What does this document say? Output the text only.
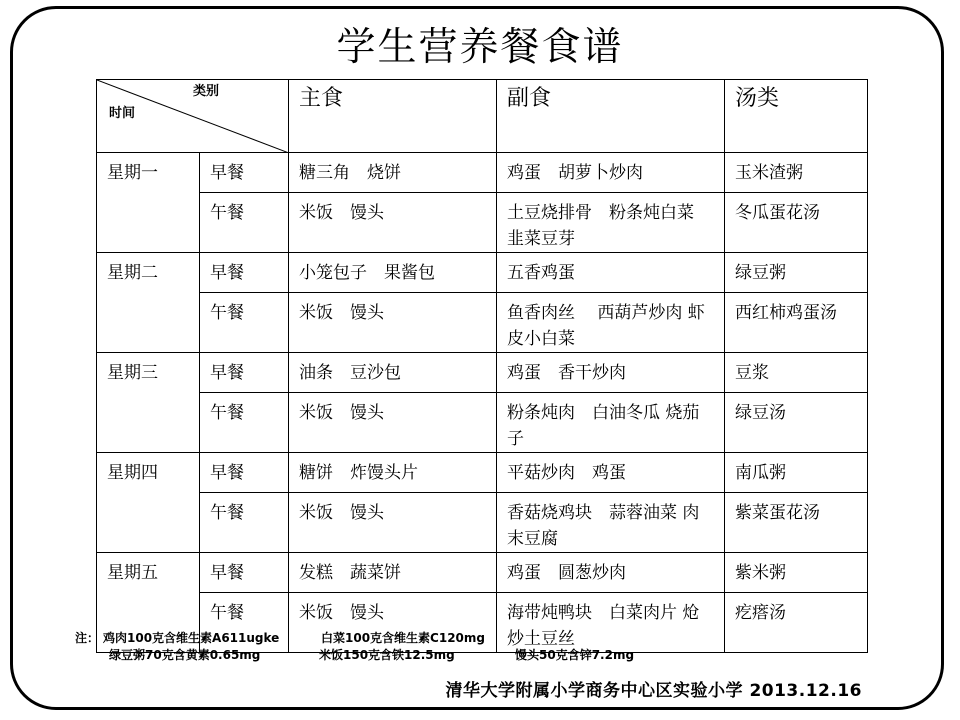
学生营养餐食谱
类别
时间		主食	副食	汤类
星期一	早餐	糖三角　烧饼	鸡蛋　胡萝卜炒肉	玉米渣粥
	午餐	米饭　馒头	土豆烧排骨　粉条炖白菜 韭菜豆芽	冬瓜蛋花汤
星期二	早餐	小笼包子　果酱包	五香鸡蛋	绿豆粥
	午餐	米饭　馒头	鱼香肉丝　 西葫芦炒肉 虾皮小白菜	西红柿鸡蛋汤
星期三	早餐	油条　豆沙包	鸡蛋　香干炒肉	豆浆
	午餐	米饭　馒头	粉条炖肉　白油冬瓜 烧茄子	绿豆汤
星期四	早餐	糖饼　炸馒头片	平菇炒肉　鸡蛋	南瓜粥
	午餐	米饭　馒头	香菇烧鸡块　蒜蓉油菜 肉末豆腐	紫菜蛋花汤
星期五	早餐	发糕　蔬菜饼	鸡蛋　圆葱炒肉	紫米粥
	午餐	米饭　馒头	海带炖鸭块　白菜肉片 炝炒土豆丝	疙瘩汤
注： 鸡肉100克含维生素A611ugke	白菜100克含维生素C120mg
绿豆粥70克含黄素0.65mg	米饭150克含铁12.5mg	馒头50克含锌7.2mg
清华大学附属小学商务中心区实验小学 2013.12.16
